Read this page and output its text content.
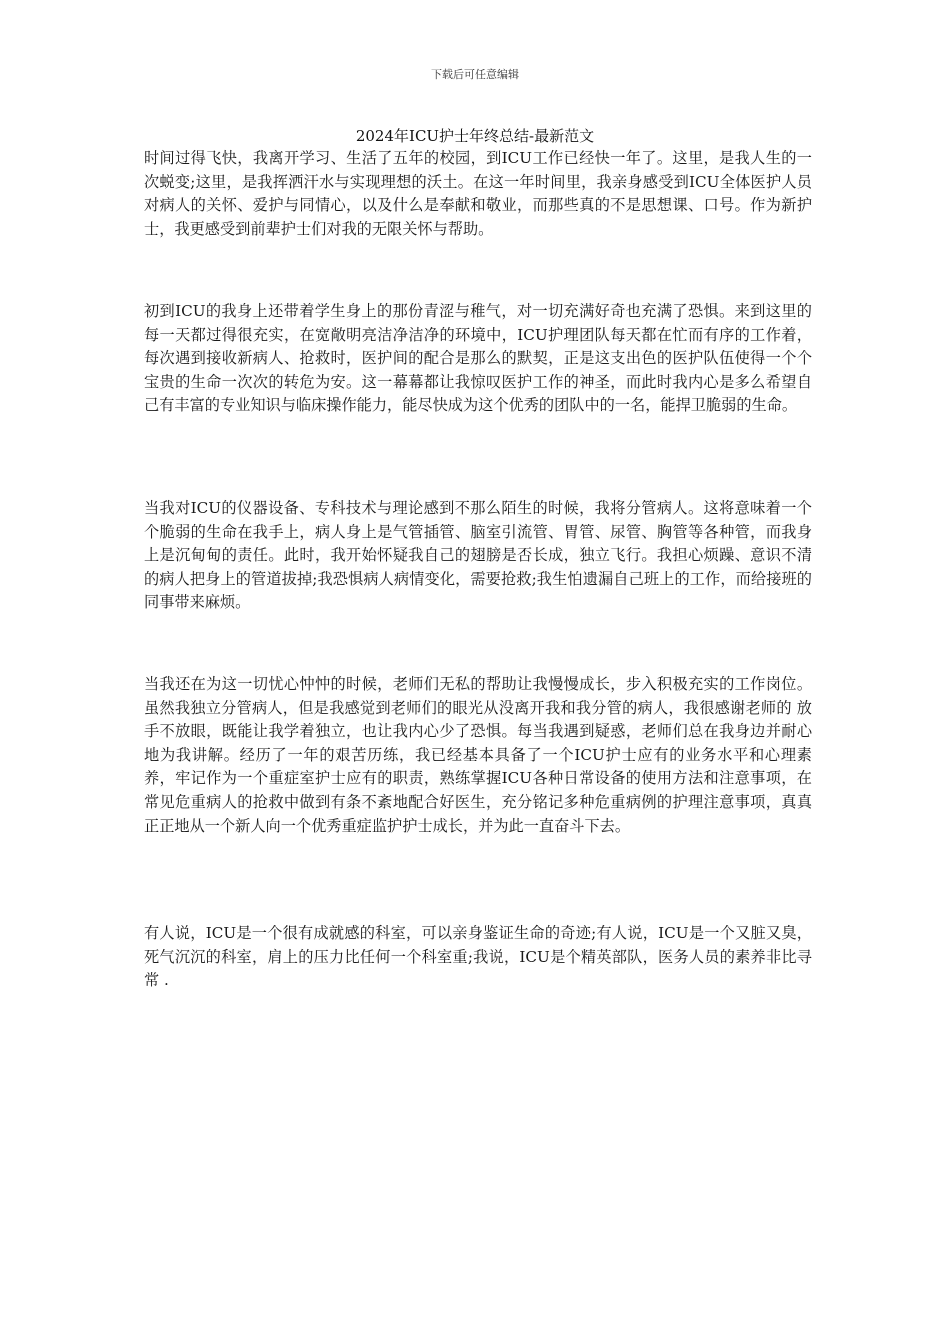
下载后可任意编辑
2024年ICU护士年终总结-最新范文

时间过得飞快，我离开学习、生活了五年的校园，到ICU工作已经快一年了。这里，是我人生的一次蜕变;这里，是我挥洒汗水与实现理想的沃土。在这一年时间里，我亲身感受到ICU全体医护人员对病人的关怀、爱护与同情心，以及什么是奉献和敬业，而那些真的不是思想课、口号。作为新护士，我更感受到前辈护士们对我的无限关怀与帮助。

初到ICU的我身上还带着学生身上的那份青涩与稚气，对一切充满好奇也充满了恐惧。来到这里的每一天都过得很充实，在宽敞明亮洁净洁净的环境中，ICU护理团队每天都在忙而有序的工作着，每次遇到接收新病人、抢救时，医护间的配合是那么的默契，正是这支出色的医护队伍使得一个个宝贵的生命一次次的转危为安。这一幕幕都让我惊叹医护工作的神圣，而此时我内心是多么希望自己有丰富的专业知识与临床操作能力，能尽快成为这个优秀的团队中的一名，能捍卫脆弱的生命。

当我对ICU的仪器设备、专科技术与理论感到不那么陌生的时候，我将分管病人。这将意味着一个个脆弱的生命在我手上，病人身上是气管插管、脑室引流管、胃管、尿管、胸管等各种管，而我身上是沉甸甸的责任。此时，我开始怀疑我自己的翅膀是否长成，独立飞行。我担心烦躁、意识不清的病人把身上的管道拔掉;我恐惧病人病情变化，需要抢救;我生怕遗漏自己班上的工作，而给接班的同事带来麻烦。

当我还在为这一切忧心忡忡的时候，老师们无私的帮助让我慢慢成长，步入积极充实的工作岗位。虽然我独立分管病人，但是我感觉到老师们的眼光从没离开我和我分管的病人，我很感谢老师的 放手不放眼，既能让我学着独立，也让我内心少了恐惧。每当我遇到疑惑，老师们总在我身边并耐心地为我讲解。经历了一年的艰苦历练，我已经基本具备了一个ICU护士应有的业务水平和心理素养，牢记作为一个重症室护士应有的职责，熟练掌握ICU各种日常设备的使用方法和注意事项，在常见危重病人的抢救中做到有条不紊地配合好医生，充分铭记多种危重病例的护理注意事项，真真正正地从一个新人向一个优秀重症监护护士成长，并为此一直奋斗下去。

有人说，ICU是一个很有成就感的科室，可以亲身鉴证生命的奇迹;有人说，ICU是一个又脏又臭，死气沉沉的科室，肩上的压力比任何一个科室重;我说，ICU是个精英部队，医务人员的素养非比寻常 .
